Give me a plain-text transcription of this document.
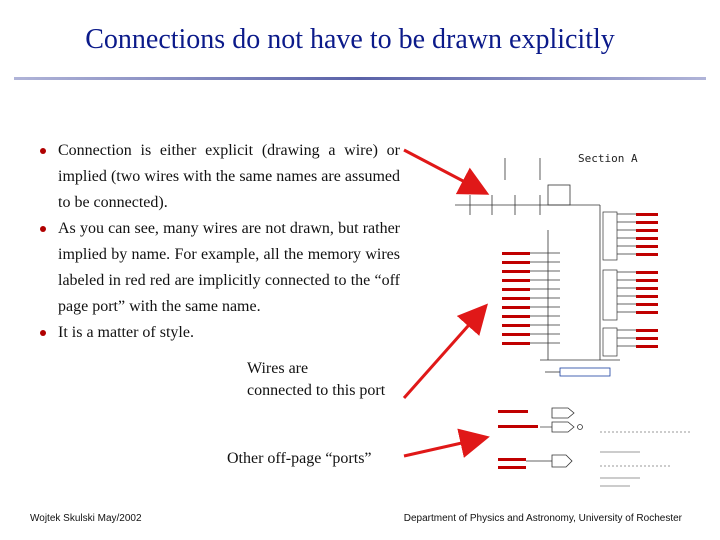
Connections do not have to be drawn explicitly
Connection is either explicit (drawing a wire) or implied (two wires with the same names are assumed to be connected).
As you can see, many wires are not drawn, but rather implied by name. For example, all the memory wires labeled in red red are implicitly connected to the “off page port” with the same name.
It is a matter of style.
Wires are
connected to this port
Other off-page “ports”
Section A
Wojtek Skulski May/2002	Department of Physics and Astronomy, University of Rochester
